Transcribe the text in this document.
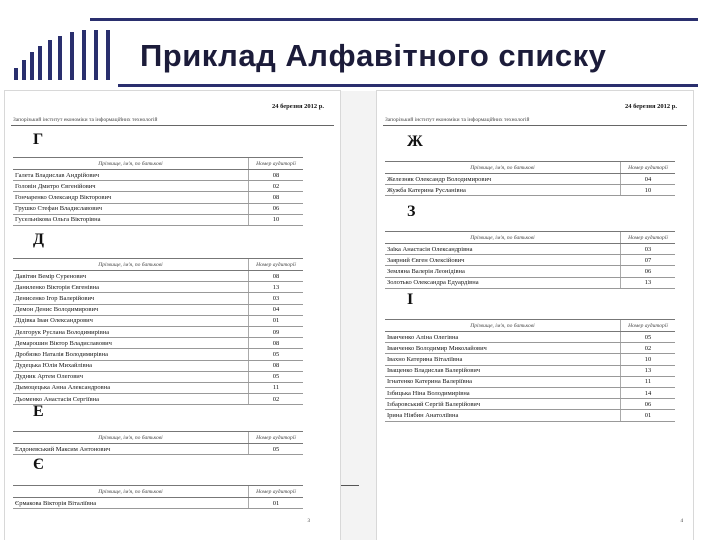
Приклад Алфавітного списку
24 березня 2012 р.
Запорізький інститут економіки та інформаційних технологій
Г
Прізвище, ім'я, по батькові	Номер аудиторії
Галета Владислав Андрійович	08
Головін Дмитро Євгенійович	02
Гончаренко Олександр Вікторович	08
Грушко Стефан Владиславович	06
Гусельнікова Ольга Вікторівна	10
Д
Прізвище, ім'я, по батькові	Номер аудиторії
Давітян Вемір Суренович	08
Даниленко Вікторія Євгенівна	13
Денисенко Ігор Валерійович	03
Демон Денис Володимирович	04
Дідівка Іван Олександрович	01
Делгорук Руслана Володимирівна	09
Демарошин Віктор Владиславович	08
Дробязко Наталія Володимирівна	05
Дудецька Юлія Михайлівна	08
Дудник Артем Олегович	05
Дымоцецька Анна Александровна	11
Дьоменко Анастасія Сергіївна	02
Е
Прізвище, ім'я, по батькові	Номер аудиторії
Елдоневський Максим Антонович	05
Є
Прізвище, ім'я, по батькові	Номер аудиторії
Єрмакова Вікторія Віталіївна	01
3
24 березня 2012 р.
Запорізький інститут економіки та інформаційних технологій
Ж
Прізвище, ім'я, по батькові	Номер аудиторії
Железняк Олександр Володимирович	04
Жужба Катерина Русланівна	10
З
Прізвище, ім'я, по батькові	Номер аудиторії
Заїка Анастасія Олександрівна	03
Заярний Євген Олексійович	07
Земляна Валерія Леонідівна	06
Золотько Олександра Едуардівна	13
І
Прізвище, ім'я, по батькові	Номер аудиторії
Іванченко Аліна Олегівна	05
Іванченко Володимир Миколайович	02
Івахно Катерина Віталіївна	10
Іващенко Владислав Валерійович	13
Ігнатенко Катерина Валеріївна	11
Ізбицька Ніна Володимирівна	14
Ізбаровський Сергій Валерійович	06
Ірина Ніябин Анатоліївна	01
4
